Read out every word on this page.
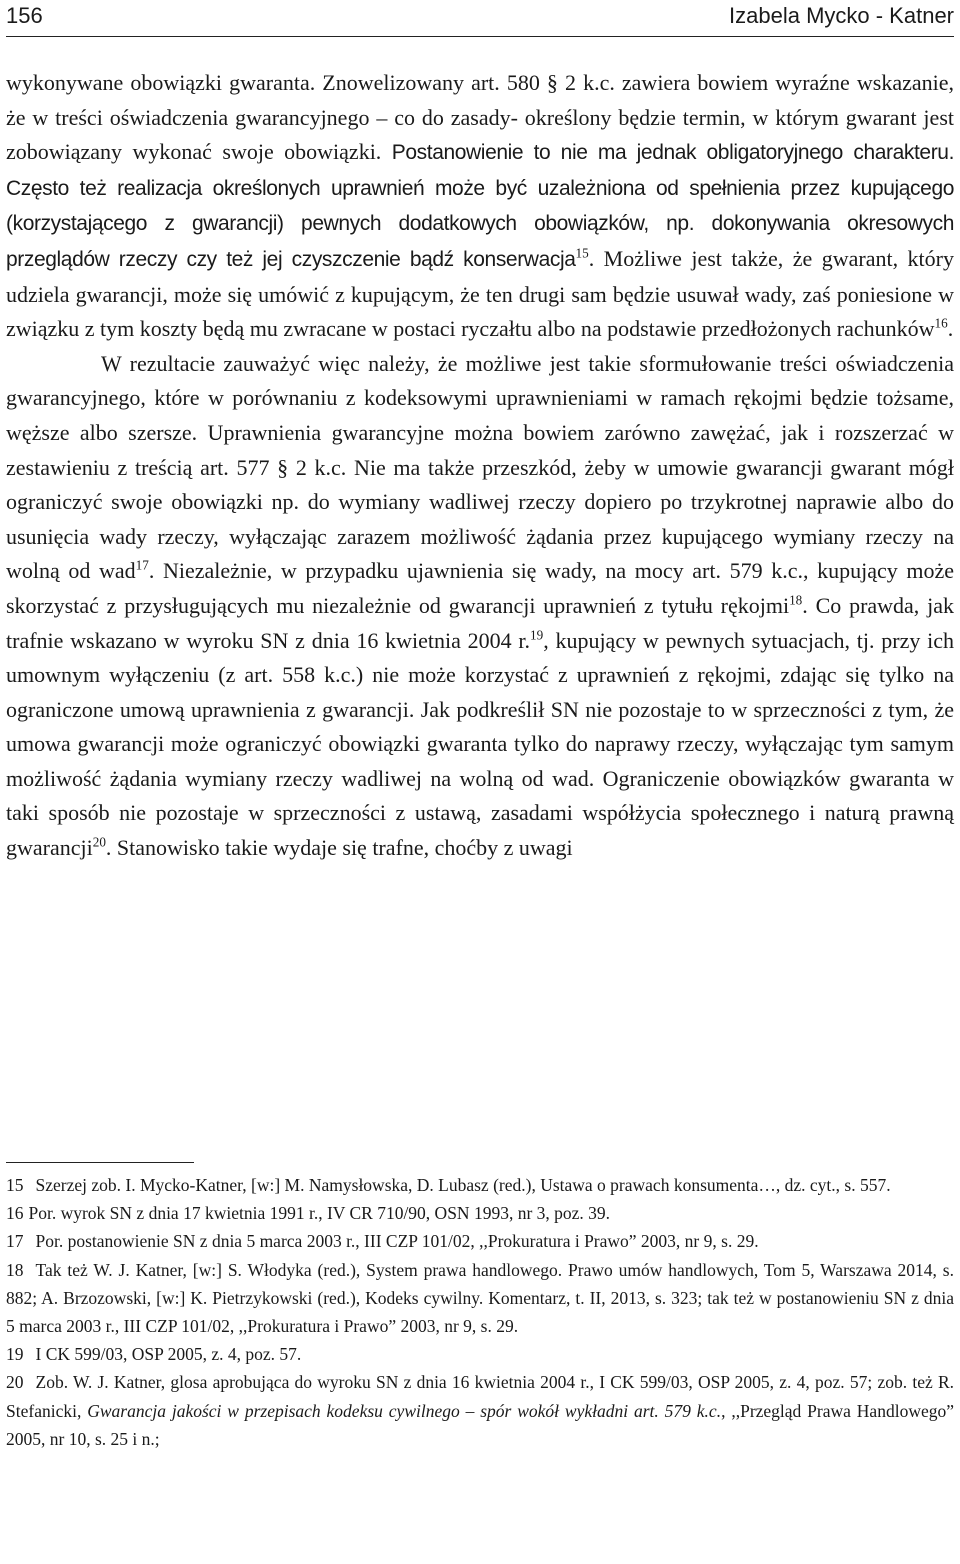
156	Izabela Mycko - Katner

wykonywane obowiązki gwaranta. Znowelizowany art. 580 § 2 k.c. zawiera bowiem wyraźne wskazanie, że w treści oświadczenia gwarancyjnego – co do zasady- określony będzie termin, w którym gwarant jest zobowiązany wykonać swoje obowiązki. Postanowienie to nie ma jednak obligatoryjnego charakteru. Często też realizacja określonych uprawnień może być uzależniona od spełnienia przez kupującego (korzystającego z gwarancji) pewnych dodatkowych obowiązków, np. dokonywania okresowych przeglądów rzeczy czy też jej czyszczenie bądź konserwacja$^{15}$. Możliwe jest także, że gwarant, który udziela gwarancji, może się umówić z kupującym, że ten drugi sam będzie usuwał wady, zaś poniesione w związku z tym koszty będą mu zwracane w postaci ryczałtu albo na podstawie przedłożonych rachunków$^{16}$.

W rezultacie zauważyć więc należy, że możliwe jest takie sformułowanie treści oświadczenia gwarancyjnego, które w porównaniu z kodeksowymi uprawnieniami w ramach rękojmi będzie tożsame, węższe albo szersze. Uprawnienia gwarancyjne można bowiem zarówno zawężać, jak i rozszerzać w zestawieniu z treścią art. 577 § 2 k.c. Nie ma także przeszkód, żeby w umowie gwarancji gwarant mógł ograniczyć swoje obowiązki np. do wymiany wadliwej rzeczy dopiero po trzykrotnej naprawie albo do usunięcia wady rzeczy, wyłączając zarazem możliwość żądania przez kupującego wymiany rzeczy na wolną od wad$^{17}$. Niezależnie, w przypadku ujawnienia się wady, na mocy art. 579 k.c., kupujący może skorzystać z przysługujących mu niezależnie od gwarancji uprawnień z tytułu rękojmi$^{18}$. Co prawda, jak trafnie wskazano w wyroku SN z dnia 16 kwietnia 2004 r.$^{19}$, kupujący w pewnych sytuacjach, tj. przy ich umownym wyłączeniu (z art. 558 k.c.) nie może korzystać z uprawnień z rękojmi, zdając się tylko na ograniczone umową uprawnienia z gwarancji. Jak podkreślił SN nie pozostaje to w sprzeczności z tym, że umowa gwarancji może ograniczyć obowiązki gwaranta tylko do naprawy rzeczy, wyłączając tym samym możliwość żądania wymiany rzeczy wadliwej na wolną od wad. Ograniczenie obowiązków gwaranta w taki sposób nie pozostaje w sprzeczności z ustawą, zasadami współżycia społecznego i naturą prawną gwarancji$^{20}$. Stanowisko takie wydaje się trafne, choćby z uwagi

15 Szerzej zob. I. Mycko-Katner, [w:] M. Namysłowska, D. Lubasz (red.), Ustawa o prawach konsumenta…, dz. cyt., s. 557.

16 Por. wyrok SN z dnia 17 kwietnia 1991 r., IV CR 710/90, OSN 1993, nr 3, poz. 39.

17 Por. postanowienie SN z dnia 5 marca 2003 r., III CZP 101/02, ,,Prokuratura i Prawo” 2003, nr 9, s. 29.

18 Tak też W. J. Katner, [w:] S. Włodyka (red.), System prawa handlowego. Prawo umów handlowych, Tom 5, Warszawa 2014, s. 882; A. Brzozowski, [w:] K. Pietrzykowski (red.), Kodeks cywilny. Komentarz, t. II, 2013, s. 323; tak też w postanowieniu SN z dnia 5 marca 2003 r., III CZP 101/02, ,,Prokuratura i Prawo” 2003, nr 9, s. 29.

19 I CK 599/03, OSP 2005, z. 4, poz. 57.

20 Zob. W. J. Katner, glosa aprobująca do wyroku SN z dnia 16 kwietnia 2004 r., I CK 599/03, OSP 2005, z. 4, poz. 57; zob. też R. Stefanicki, Gwarancja jakości w przepisach kodeksu cywilnego – spór wokół wykładni art. 579 k.c., ,,Przegląd Prawa Handlowego” 2005, nr 10, s. 25 i n.;
